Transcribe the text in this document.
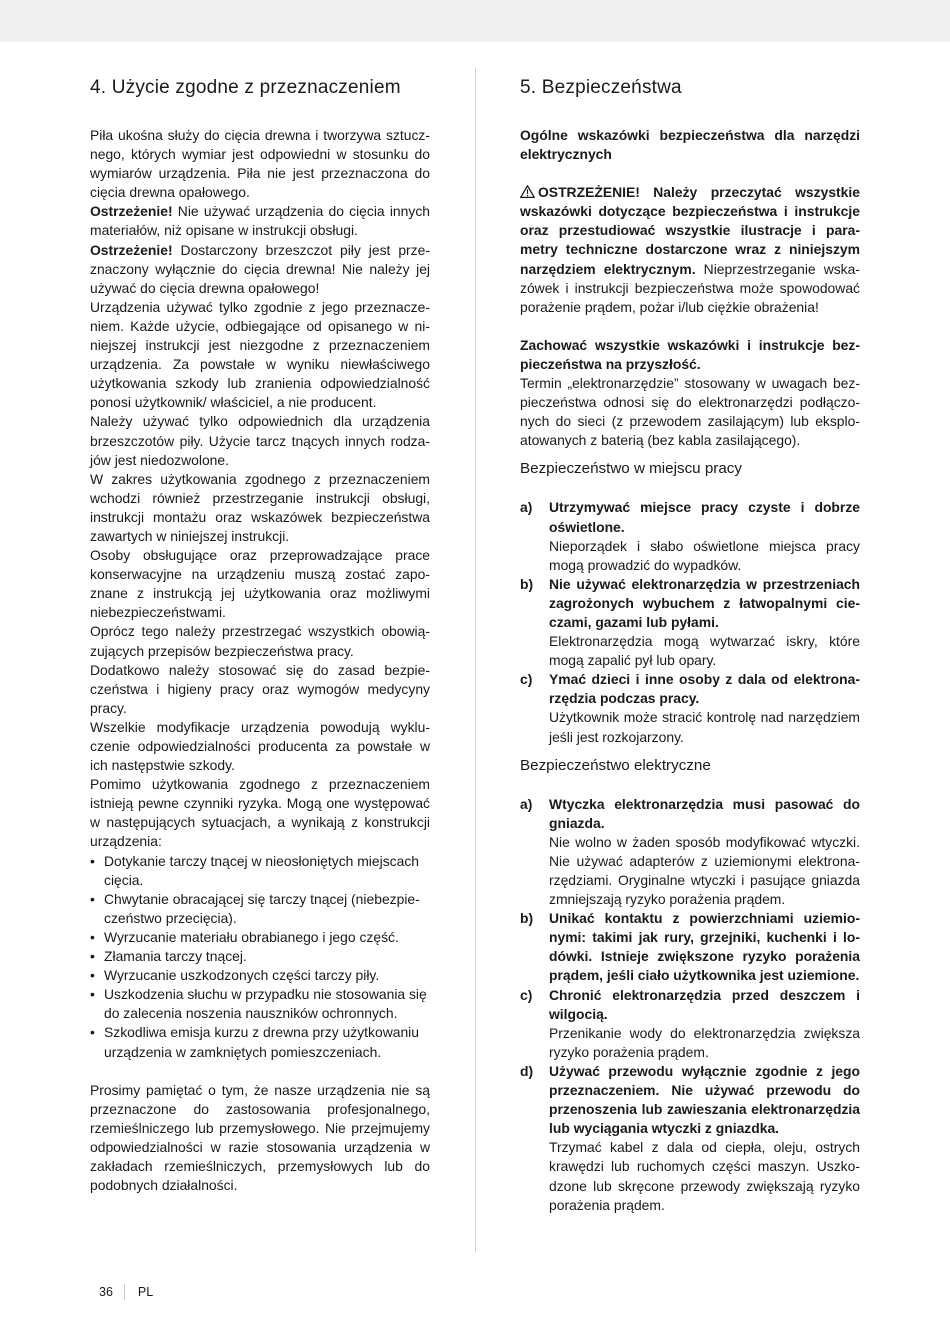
4. Użycie zgodne z przeznaczeniem

Piła ukośna służy do cięcia drewna i tworzywa sztucznego, których wymiar jest odpowiedni w stosunku do wymiarów urządzenia. Piła nie jest przeznaczona do cięcia drewna opałowego.

Ostrzeżenie! Nie używać urządzenia do cięcia innych materiałów, niż opisane w instrukcji obsługi.

Ostrzeżenie! Dostarczony brzeszczot piły jest przeznaczony wyłącznie do cięcia drewna! Nie należy jej używać do cięcia drewna opałowego!

Urządzenia używać tylko zgodnie z jego przeznaczeniem. Każde użycie, odbiegające od opisanego w niniejszej instrukcji jest niezgodne z przeznaczeniem urządzenia. Za powstałe w wyniku niewłaściwego użytkowania szkody lub zranienia odpowiedzialność ponosi użytkownik/ właściciel, a nie producent.

Należy używać tylko odpowiednich dla urządzenia brzeszczotów piły. Użycie tarcz tnących innych rodzajów jest niedozwolone.

W zakres użytkowania zgodnego z przeznaczeniem wchodzi również przestrzeganie instrukcji obsługi, instrukcji montażu oraz wskazówek bezpieczeństwa zawartych w niniejszej instrukcji.

Osoby obsługujące oraz przeprowadzające prace konserwacyjne na urządzeniu muszą zostać zapoznane z instrukcją jej użytkowania oraz możliwymi niebezpieczeństwami.

Oprócz tego należy przestrzegać wszystkich obowiązujących przepisów bezpieczeństwa pracy.

Dodatkowo należy stosować się do zasad bezpieczeństwa i higieny pracy oraz wymogów medycyny pracy.

Wszelkie modyfikacje urządzenia powodują wykluczenie odpowiedzialności producenta za powstałe w ich następstwie szkody.

Pomimo użytkowania zgodnego z przeznaczeniem istnieją pewne czynniki ryzyka. Mogą one występować w następujących sytuacjach, a wynikają z konstrukcji urządzenia:

• Dotykanie tarczy tnącej w nieosłoniętych miejscach cięcia.
• Chwytanie obracającej się tarczy tnącej (niebezpieczeństwo przecięcia).
• Wyrzucanie materiału obrabianego i jego część.
• Złamania tarczy tnącej.
• Wyrzucanie uszkodzonych części tarczy piły.
• Uszkodzenia słuchu w przypadku nie stosowania się do zalecenia noszenia nauszników ochronnych.
• Szkodliwa emisja kurzu z drewna przy użytkowaniu urządzenia w zamkniętych pomieszczeniach.

Prosimy pamiętać o tym, że nasze urządzenia nie są przeznaczone do zastosowania profesjonalnego, rzemieślniczego lub przemysłowego. Nie przejmujemy odpowiedzialności w razie stosowania urządzenia w zakładach rzemieślniczych, przemysłowych lub do podobnych działalności.

5. Bezpieczeństwa

Ogólne wskazówki bezpieczeństwa dla narzędzi elektrycznych

OSTRZEŻENIE! Należy przeczytać wszystkie wskazówki dotyczące bezpieczeństwa i instrukcje oraz przestudiować wszystkie ilustracje i parametry techniczne dostarczone wraz z niniejszym narzędziem elektrycznym. Nieprzestrzeganie wskazówek i instrukcji bezpieczeństwa może spowodować porażenie prądem, pożar i/lub ciężkie obrażenia!

Zachować wszystkie wskazówki i instrukcje bezpieczeństwa na przyszłość.

Termin „elektronarzędzie” stosowany w uwagach bezpieczeństwa odnosi się do elektronarzędzi podłączonych do sieci (z przewodem zasilającym) lub eksploatowanych z baterią (bez kabla zasilającego).

Bezpieczeństwo w miejscu pracy
a)	Utrzymywać miejsce pracy czyste i dobrze oświetlone.
Nieporządek i słabo oświetlone miejsca pracy mogą prowadzić do wypadków.
b)	Nie używać elektronarzędzia w przestrzeniach zagrożonych wybuchem z łatwopalnymi cieczami, gazami lub pyłami.
Elektronarzędzia mogą wytwarzać iskry, które mogą zapalić pył lub opary.
c)	Ymać dzieci i inne osoby z dala od elektronarzędzia podczas pracy.
Użytkownik może stracić kontrolę nad narzędziem jeśli jest rozkojarzony.
Bezpieczeństwo elektryczne
a)	Wtyczka elektronarzędzia musi pasować do gniazda.
Nie wolno w żaden sposób modyfikować wtyczki. Nie używać adapterów z uziemionymi elektronarzędziami. Oryginalne wtyczki i pasujące gniazda zmniejszają ryzyko porażenia prądem.
b)	Unikać kontaktu z powierzchniami uziemionymi: takimi jak rury, grzejniki, kuchenki i lodówki. Istnieje zwiększone ryzyko porażenia prądem, jeśli ciało użytkownika jest uziemione.
c)	Chronić elektronarzędzia przed deszczem i wilgocią.
Przenikanie wody do elektronarzędzia zwiększa ryzyko porażenia prądem.
d)	Używać przewodu wyłącznie zgodnie z jego przeznaczeniem. Nie używać przewodu do przenoszenia lub zawieszania elektronarzędzia lub wyciągania wtyczki z gniazdka.
Trzymać kabel z dala od ciepła, oleju, ostrych krawędzi lub ruchomych części maszyn. Uszkodzone lub skręcone przewody zwiększają ryzyko porażenia prądem.
36 PL
